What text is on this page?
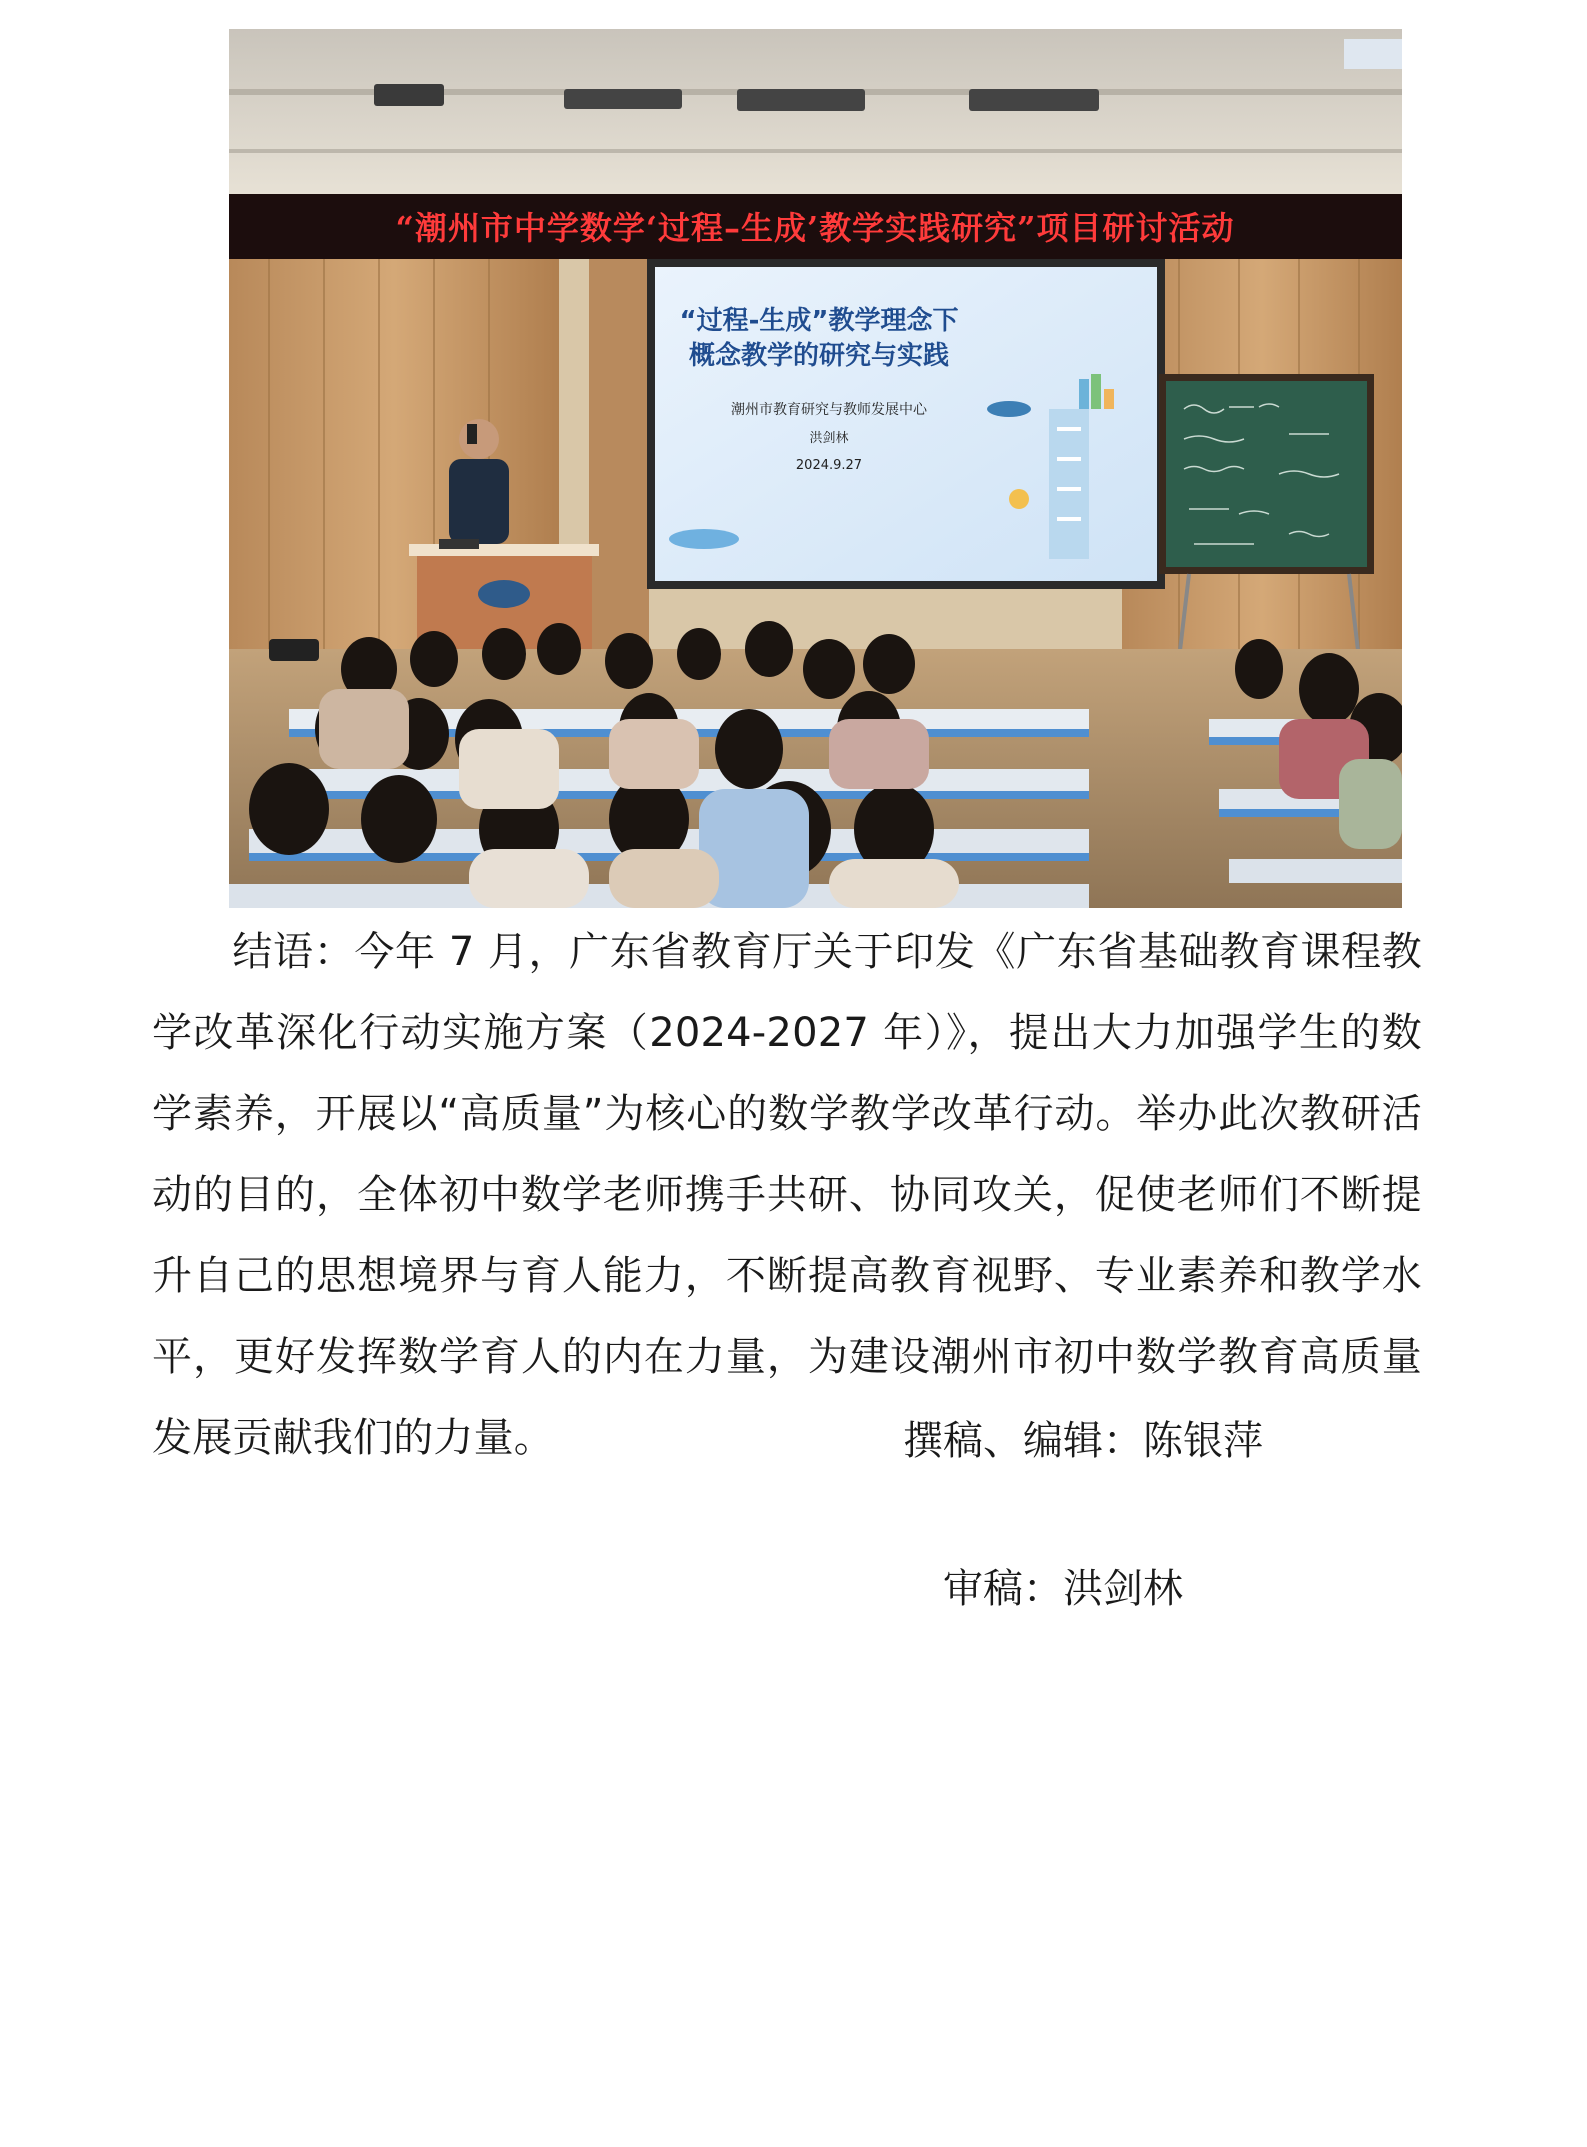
“潮州市中学数学‘过程–生成’教学实践研究”项目研讨活动
“过程-生成”教学理念下
概念教学的研究与实践
潮州市教育研究与教师发展中心
洪剑林
2024.9.27

结语：今年 7 月，广东省教育厅关于印发《广东省基础教育课程教学改革深化行动实施方案（2024-2027 年）》，提出大力加强学生的数学素养，开展以“高质量”为核心的数学教学改革行动。举办此次教研活动的目的，全体初中数学老师携手共研、协同攻关，促使老师们不断提升自己的思想境界与育人能力，不断提高教育视野、专业素养和教学水平，更好发挥数学育人的内在力量，为建设潮州市初中数学教育高质量发展贡献我们的力量。	撰稿、编辑：陈银萍

审稿：洪剑林
